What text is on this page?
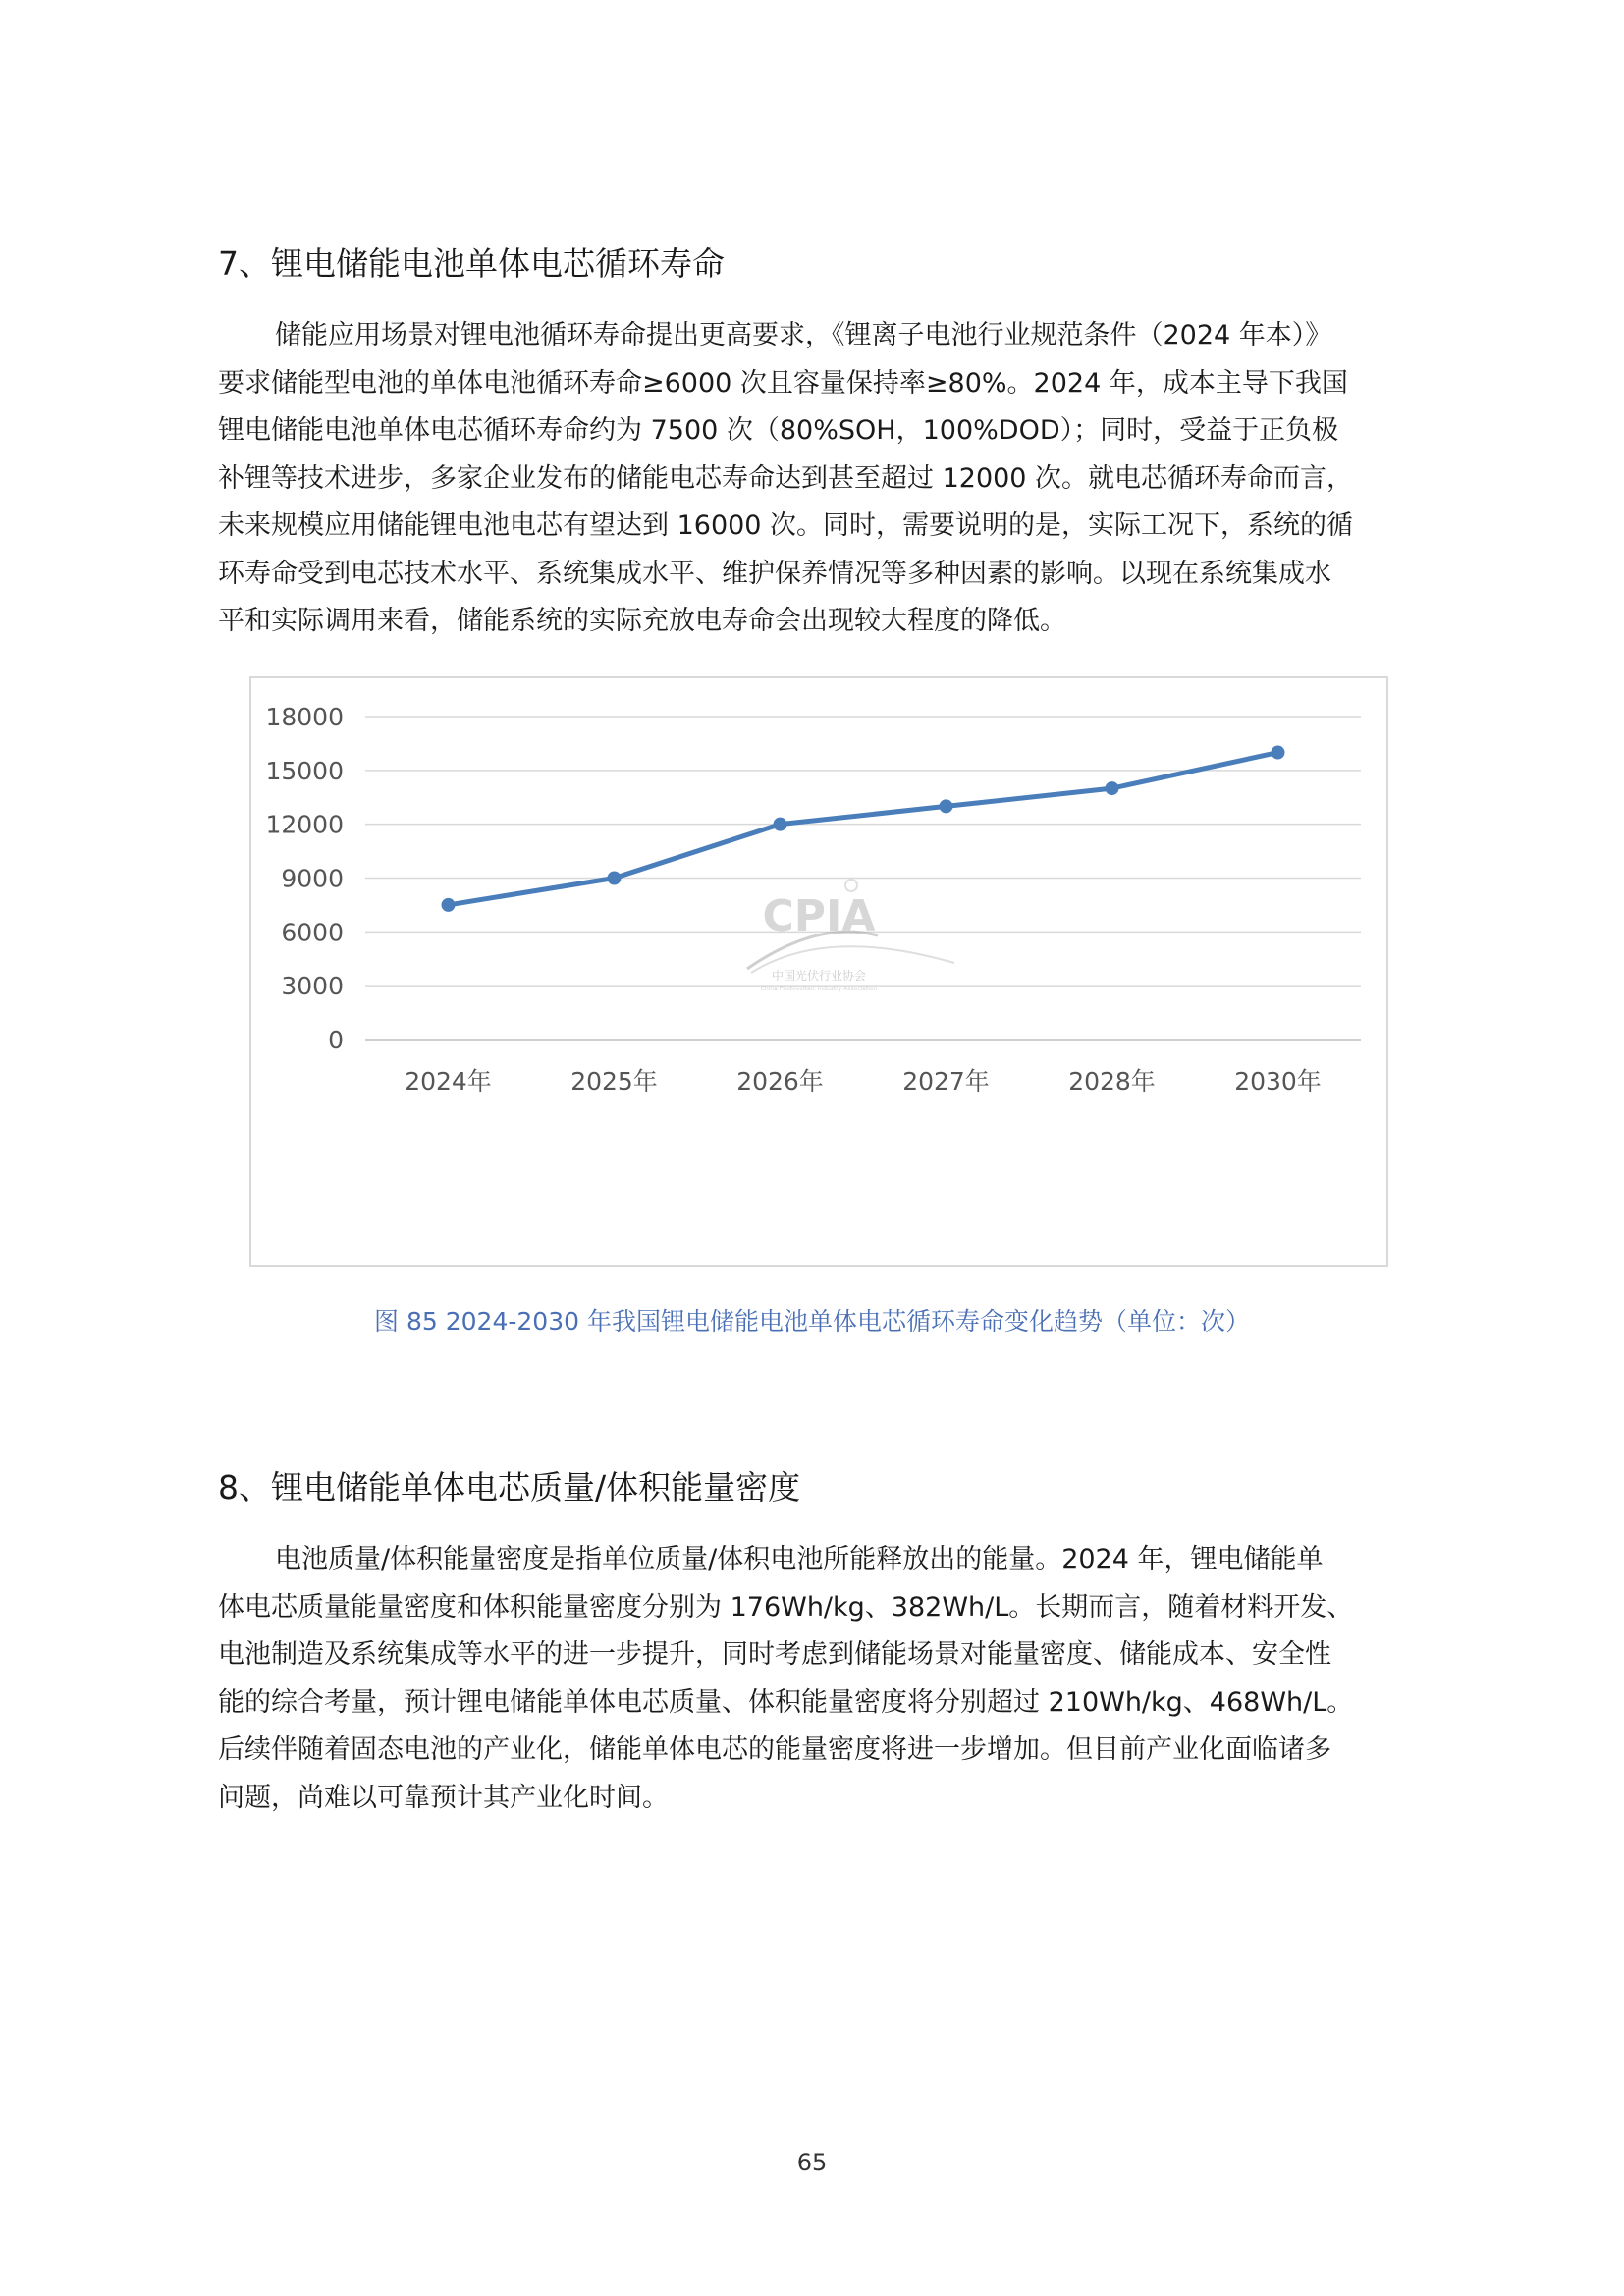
7、锂电储能电池单体电芯循环寿命

储能应用场景对锂电池循环寿命提出更高要求，《锂离子电池行业规范条件（2024 年本）》

要求储能型电池的单体电池循环寿命≥6000 次且容量保持率≥80%。2024 年，成本主导下我国

锂电储能电池单体电芯循环寿命约为 7500 次（80%SOH，100%DOD）；同时，受益于正负极

补锂等技术进步，多家企业发布的储能电芯寿命达到甚至超过 12000 次。就电芯循环寿命而言，

未来规模应用储能锂电池电芯有望达到 16000 次。同时，需要说明的是，实际工况下，系统的循

环寿命受到电芯技术水平、系统集成水平、维护保养情况等多种因素的影响。以现在系统集成水

平和实际调用来看，储能系统的实际充放电寿命会出现较大程度的降低。

CPIA
中国光伏行业协会
China Photovoltaic Industry Association
0
3000
6000
9000
12000
15000
18000
2024年	2025年	2026年	2027年	2028年	2030年
图 85 2024-2030 年我国锂电储能电池单体电芯循环寿命变化趋势（单位：次）
8、锂电储能单体电芯质量/体积能量密度

电池质量/体积能量密度是指单位质量/体积电池所能释放出的能量。2024 年，锂电储能单

体电芯质量能量密度和体积能量密度分别为 176Wh/kg、382Wh/L。长期而言，随着材料开发、

电池制造及系统集成等水平的进一步提升，同时考虑到储能场景对能量密度、储能成本、安全性

能的综合考量，预计锂电储能单体电芯质量、体积能量密度将分别超过 210Wh/kg、468Wh/L。

后续伴随着固态电池的产业化，储能单体电芯的能量密度将进一步增加。但目前产业化面临诸多

问题，尚难以可靠预计其产业化时间。

65
